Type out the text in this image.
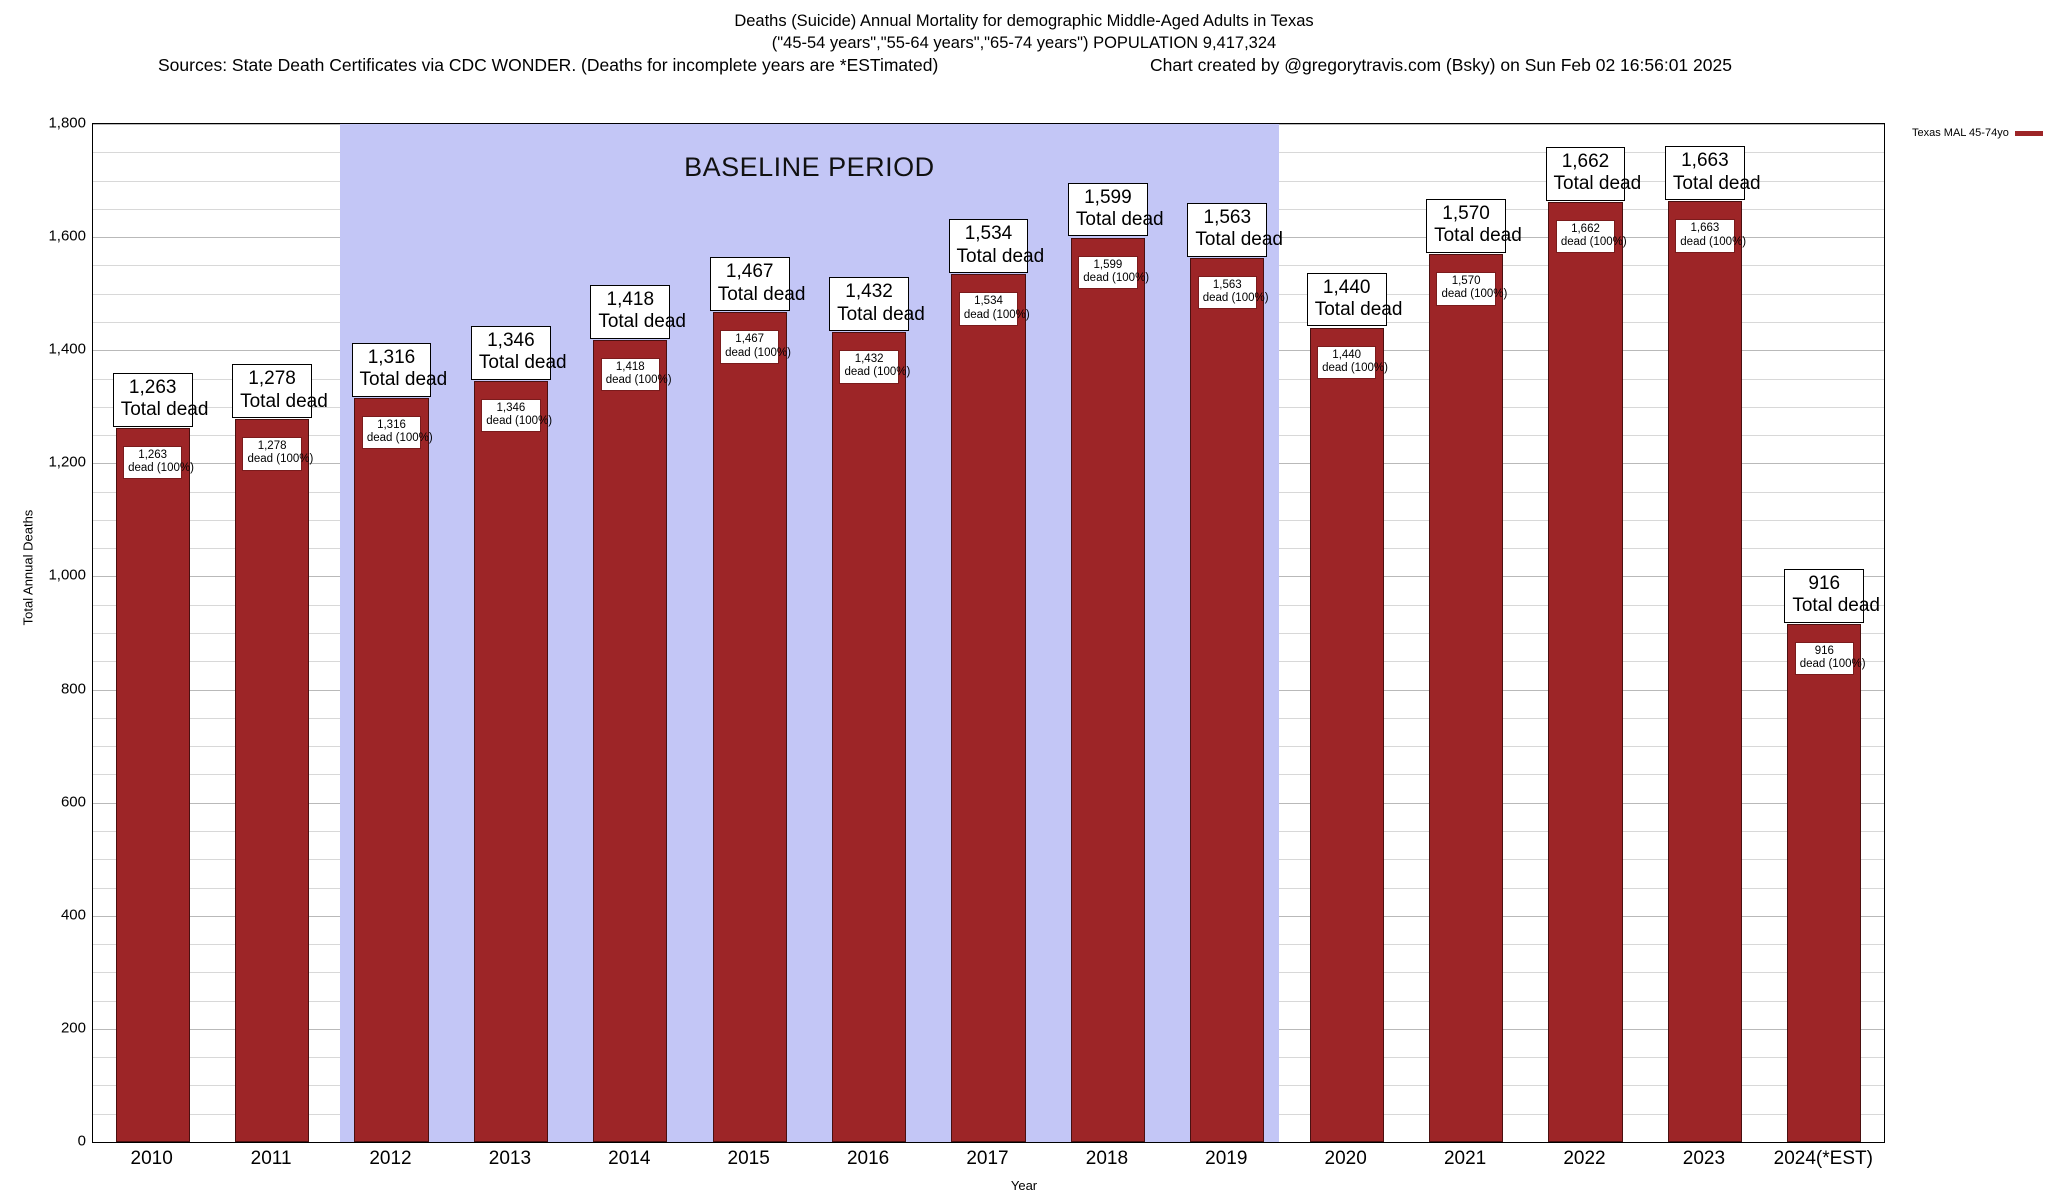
Deaths (Suicide) Annual Mortality for demographic Middle-Aged Adults in Texas
("45-54 years","55-64 years","65-74 years") POPULATION 9,417,324
Sources: State Death Certificates via CDC WONDER. (Deaths for incomplete years are *ESTimated)	Chart created by @gregorytravis.com (Bsky) on Sun Feb 02 16:56:01 2025
BASELINE PERIOD
1,263
dead (100%)
1,263
Total dead
1,278
dead (100%)
1,278
Total dead
1,316
dead (100%)
1,316
Total dead
1,346
dead (100%)
1,346
Total dead	1,418
dead (100%)
1,418
Total dead
1,467
dead (100%)
1,467
Total dead
1,432
dead (100%)
1,432
Total dead
1,534
dead (100%)
1,534
Total dead	1,599
dead (100%)
1,599
Total dead
1,563
dead (100%)
1,563
Total dead
1,440
dead (100%)
1,440
Total dead
1,570
dead (100%)
1,570
Total dead	1,662
dead (100%)
1,662
Total dead
1,663
dead (100%)
1,663
Total dead
916
dead (100%)
916
Total dead
0
200
400
600
800
1,000
1,200
1,400
1,600
1,800
Total Annual Deaths
2010	2011	2012	2013	2014	2015	2016	2017	2018	2019	2020	2021	2022	2023	2024(*EST)
Year
Texas MAL 45-74yo
